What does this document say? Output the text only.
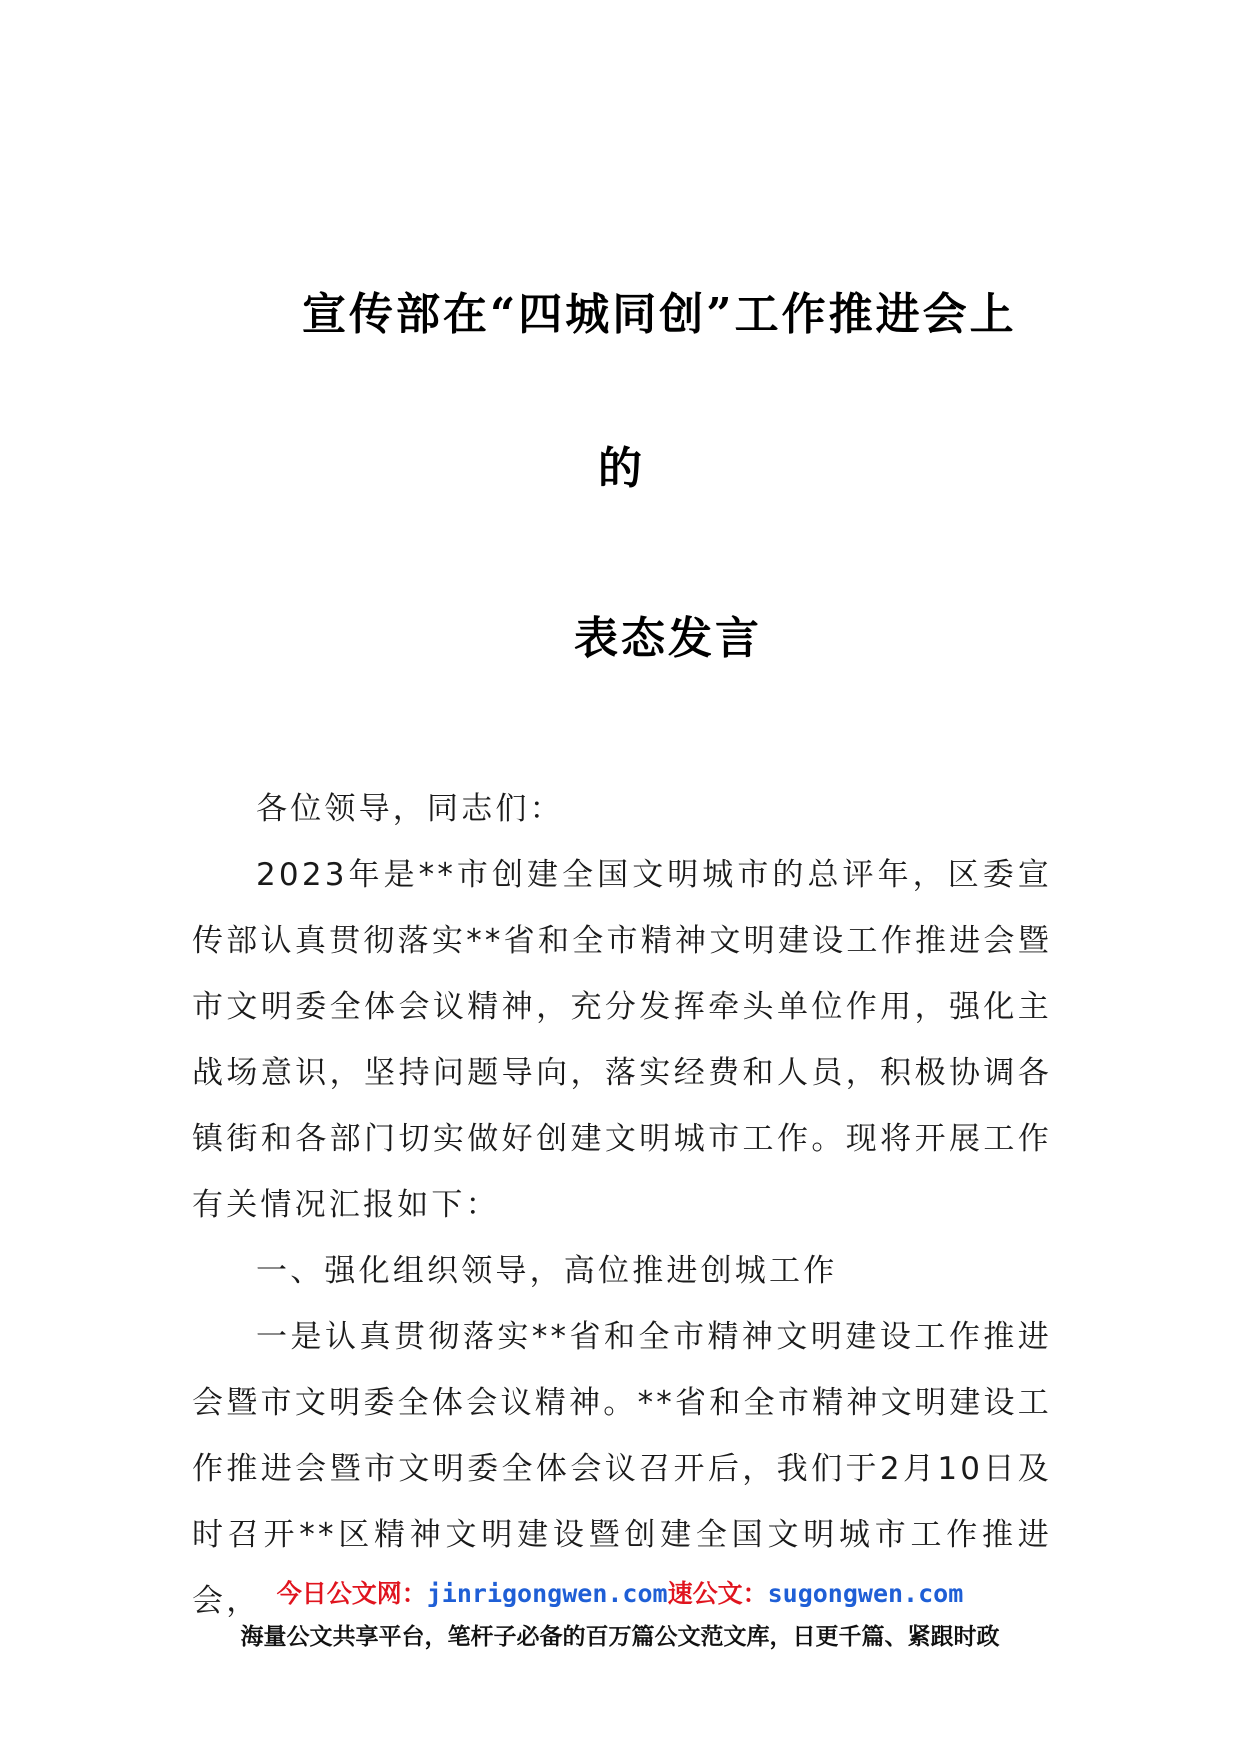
宣传部在“四城同创”工作推进会上
的
表态发言

各位领导，同志们：

2023年是**市创建全国文明城市的总评年，区委宣传部认真贯彻落实**省和全市精神文明建设工作推进会暨市文明委全体会议精神，充分发挥牵头单位作用，强化主战场意识，坚持问题导向，落实经费和人员，积极协调各镇街和各部门切实做好创建文明城市工作。现将开展工作有关情况汇报如下：

一、强化组织领导，高位推进创城工作

一是认真贯彻落实**省和全市精神文明建设工作推进会暨市文明委全体会议精神。**省和全市精神文明建设工作推进会暨市文明委全体会议召开后，我们于2月10日及时召开**区精神文明建设暨创建全国文明城市工作推进会， 今日公文网：jinrigongwen.com速公文：sugongwen.com
海量公文共享平台，笔杆子必备的百万篇公文范文库，日更千篇、紧跟时政
